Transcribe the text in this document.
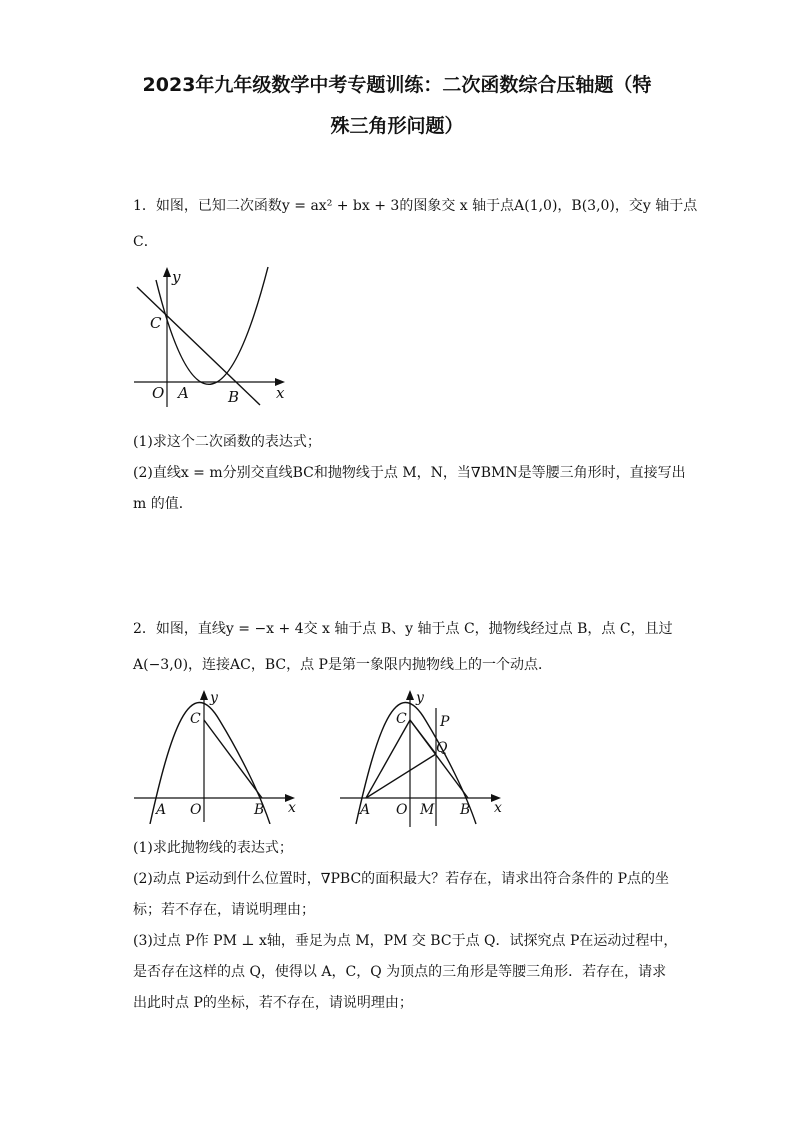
2023年九年级数学中考专题训练：二次函数综合压轴题（特
殊三角形问题）
1．如图，已知二次函数y = ax² + bx + 3的图象交 x 轴于点A(1,0)，B(3,0)，交y 轴于点
C．
y
C
O A	B x
(1)求这个二次函数的表达式；
(2)直线x = m分别交直线BC和抛物线于点 M，N，当∇BMN是等腰三角形时，直接写出
m 的值．
2．如图，直线y = −x + 4交 x 轴于点 B、y 轴于点 C，抛物线经过点 B，点 C，且过
A(−3,0)，连接AC，BC，点 P是第一象限内抛物线上的一个动点．
y
C
A O	B x
y
C P
Q
A O M B x
(1)求此抛物线的表达式；
(2)动点 P运动到什么位置时，∇PBC的面积最大？若存在，请求出符合条件的 P点的坐
标；若不存在，请说明理由；
(3)过点 P作 PM ⊥ x轴，垂足为点 M，PM 交 BC于点 Q．试探究点 P在运动过程中，
是否存在这样的点 Q，使得以 A，C，Q 为顶点的三角形是等腰三角形．若存在，请求
出此时点 P的坐标，若不存在，请说明理由；
